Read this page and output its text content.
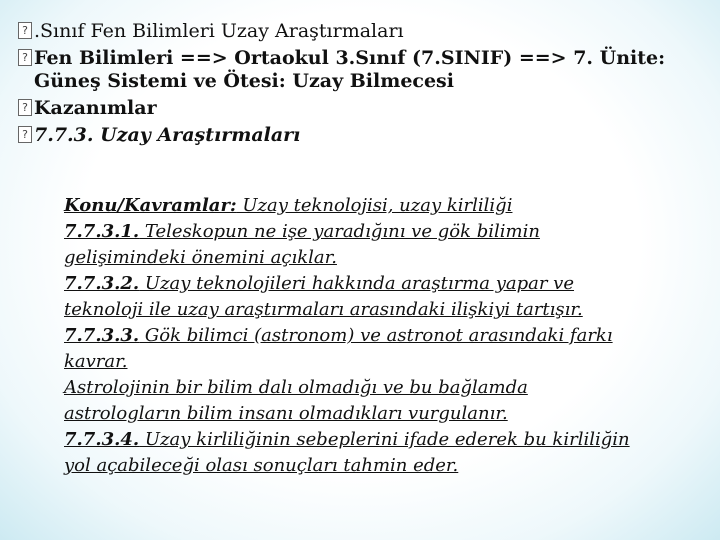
? .Sınıf Fen Bilimleri Uzay Araştırmaları
? Fen Bilimleri ==> Ortaokul 3.Sınıf (7.SINIF) ==> 7. Ünite: Güneş Sistemi ve Ötesi: Uzay Bilmecesi
? Kazanımlar
? 7.7.3. Uzay Araştırmaları
Konu/Kavramlar: Uzay teknolojisi, uzay kirliliği
7.7.3.1. Teleskopun ne işe yaradığını ve gök bilimin
gelişimindeki önemini açıklar.
7.7.3.2. Uzay teknolojileri hakkında araştırma yapar ve
teknoloji ile uzay araştırmaları arasındaki ilişkiyi tartışır.
7.7.3.3. Gök bilimci (astronom) ve astronot arasındaki farkı
kavrar.
Astrolojinin bir bilim dalı olmadığı ve bu bağlamda
astrologların bilim insanı olmadıkları vurgulanır.
7.7.3.4. Uzay kirliliğinin sebeplerini ifade ederek bu kirliliğin
yol açabileceği olası sonuçları tahmin eder.
